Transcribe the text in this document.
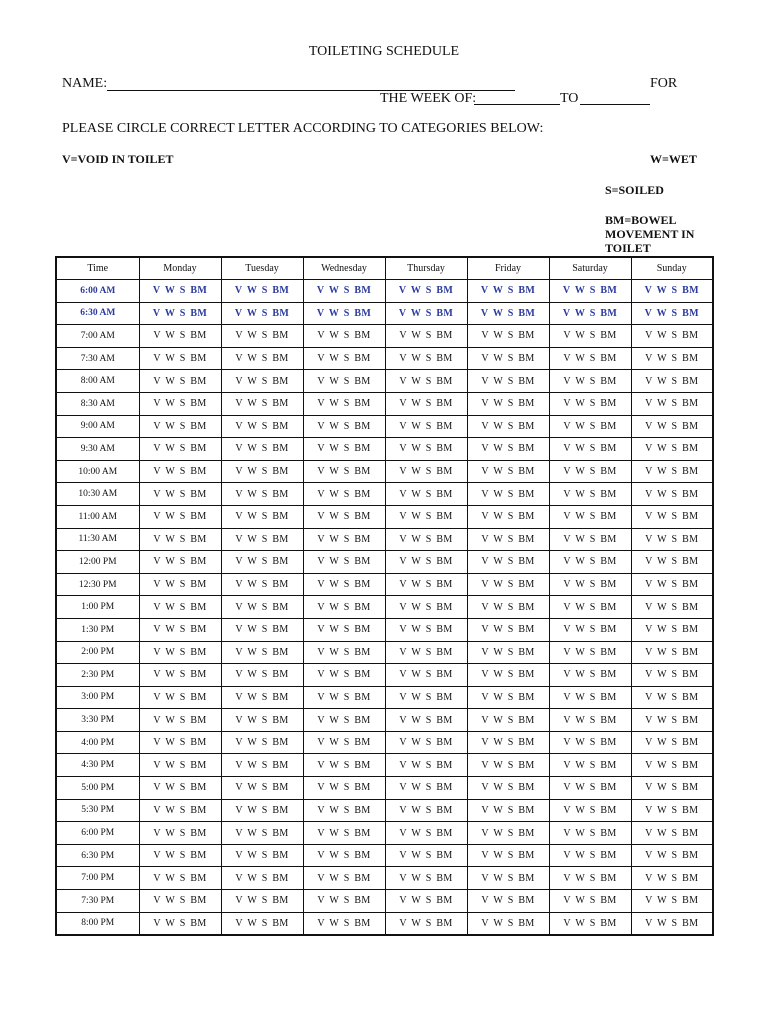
TOILETING SCHEDULE
NAME:	FOR
THE WEEK OF:	TO
PLEASE CIRCLE CORRECT LETTER ACCORDING TO CATEGORIES BELOW:
V=VOID IN TOILET	W=WET
S=SOILED
BM=BOWEL MOVEMENT IN TOILET
Time	Monday	Tuesday	Wednesday	Thursday	Friday	Saturday	Sunday
6:00 AM	V W S BM	V W S BM	V W S BM	V W S BM	V W S BM	V W S BM	V W S BM
6:30 AM	V W S BM	V W S BM	V W S BM	V W S BM	V W S BM	V W S BM	V W S BM
7:00 AM	V W S BM	V W S BM	V W S BM	V W S BM	V W S BM	V W S BM	V W S BM
7:30 AM	V W S BM	V W S BM	V W S BM	V W S BM	V W S BM	V W S BM	V W S BM
8:00 AM	V W S BM	V W S BM	V W S BM	V W S BM	V W S BM	V W S BM	V W S BM
8:30 AM	V W S BM	V W S BM	V W S BM	V W S BM	V W S BM	V W S BM	V W S BM
9:00 AM	V W S BM	V W S BM	V W S BM	V W S BM	V W S BM	V W S BM	V W S BM
9:30 AM	V W S BM	V W S BM	V W S BM	V W S BM	V W S BM	V W S BM	V W S BM
10:00 AM	V W S BM	V W S BM	V W S BM	V W S BM	V W S BM	V W S BM	V W S BM
10:30 AM	V W S BM	V W S BM	V W S BM	V W S BM	V W S BM	V W S BM	V W S BM
11:00 AM	V W S BM	V W S BM	V W S BM	V W S BM	V W S BM	V W S BM	V W S BM
11:30 AM	V W S BM	V W S BM	V W S BM	V W S BM	V W S BM	V W S BM	V W S BM
12:00 PM	V W S BM	V W S BM	V W S BM	V W S BM	V W S BM	V W S BM	V W S BM
12:30 PM	V W S BM	V W S BM	V W S BM	V W S BM	V W S BM	V W S BM	V W S BM
1:00 PM	V W S BM	V W S BM	V W S BM	V W S BM	V W S BM	V W S BM	V W S BM
1:30 PM	V W S BM	V W S BM	V W S BM	V W S BM	V W S BM	V W S BM	V W S BM
2:00 PM	V W S BM	V W S BM	V W S BM	V W S BM	V W S BM	V W S BM	V W S BM
2:30 PM	V W S BM	V W S BM	V W S BM	V W S BM	V W S BM	V W S BM	V W S BM
3:00 PM	V W S BM	V W S BM	V W S BM	V W S BM	V W S BM	V W S BM	V W S BM
3:30 PM	V W S BM	V W S BM	V W S BM	V W S BM	V W S BM	V W S BM	V W S BM
4:00 PM	V W S BM	V W S BM	V W S BM	V W S BM	V W S BM	V W S BM	V W S BM
4:30 PM	V W S BM	V W S BM	V W S BM	V W S BM	V W S BM	V W S BM	V W S BM
5:00 PM	V W S BM	V W S BM	V W S BM	V W S BM	V W S BM	V W S BM	V W S BM
5:30 PM	V W S BM	V W S BM	V W S BM	V W S BM	V W S BM	V W S BM	V W S BM
6:00 PM	V W S BM	V W S BM	V W S BM	V W S BM	V W S BM	V W S BM	V W S BM
6:30 PM	V W S BM	V W S BM	V W S BM	V W S BM	V W S BM	V W S BM	V W S BM
7:00 PM	V W S BM	V W S BM	V W S BM	V W S BM	V W S BM	V W S BM	V W S BM
7:30 PM	V W S BM	V W S BM	V W S BM	V W S BM	V W S BM	V W S BM	V W S BM
8:00 PM	V W S BM	V W S BM	V W S BM	V W S BM	V W S BM	V W S BM	V W S BM
